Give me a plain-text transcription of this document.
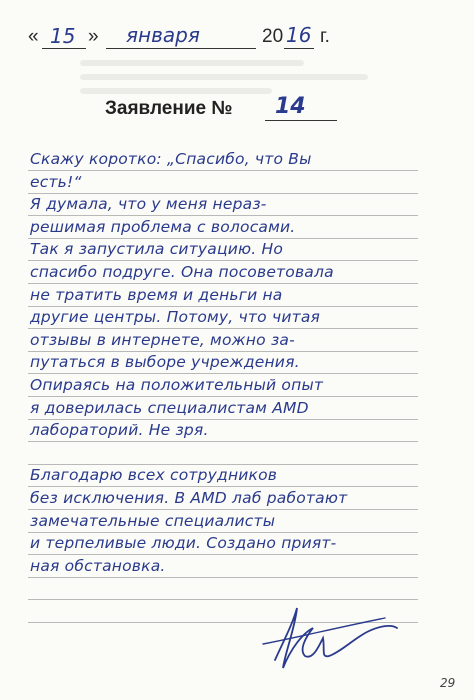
« 15 » января	20 16 г.
Заявление № 14
Скажу коротко: „Спасибо, что Вы
есть!“
Я думала, что у меня нераз-
решимая проблема с волосами.
Так я запустила ситуацию. Но
спасибо подруге. Она посоветовала
не тратить время и деньги на
другие центры. Потому, что читая
отзывы в интернете, можно за-
путаться в выборе учреждения.
Опираясь на положительный опыт
я доверилась специалистам AMD
лабораторий. Не зря.
Благодарю всех сотрудников
без исключения. В AMD лаб работают
замечательные специалисты
и терпеливые люди. Создано прият-
ная обстановка.
29
